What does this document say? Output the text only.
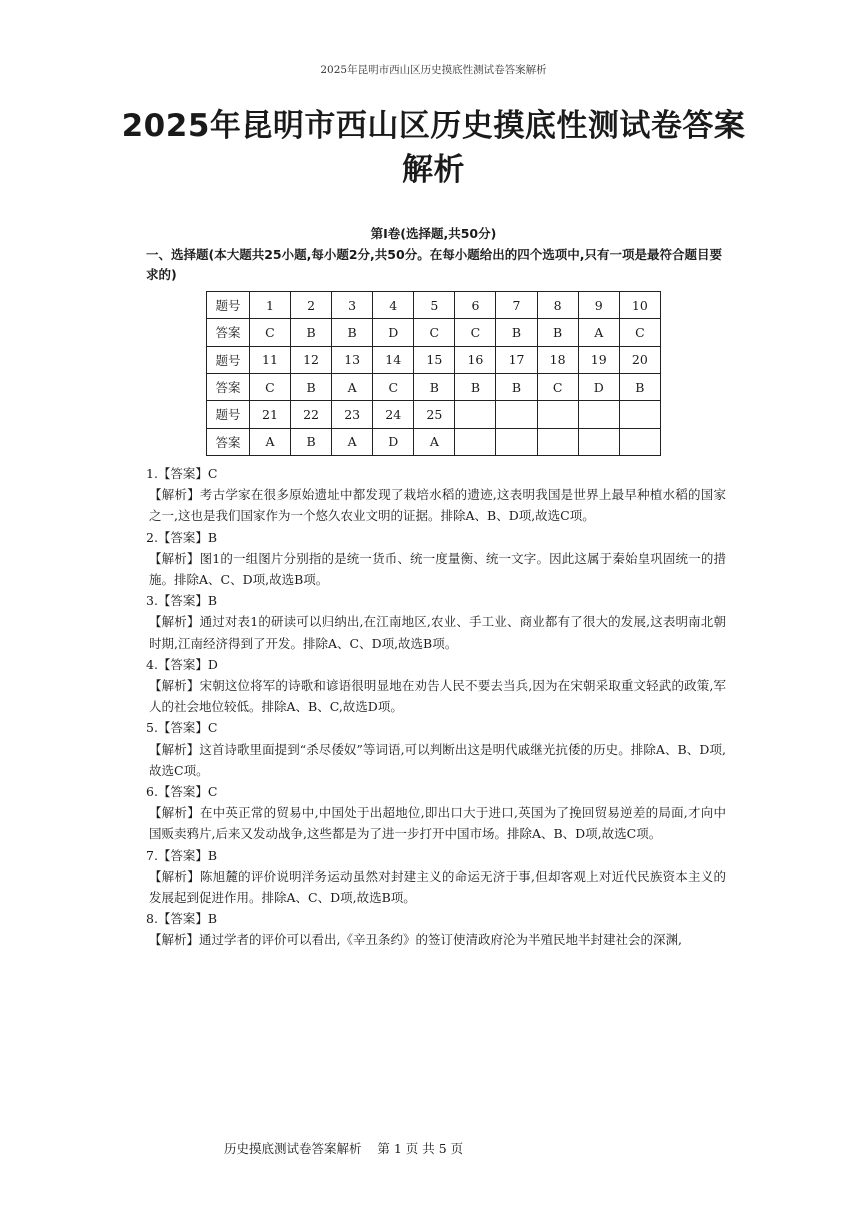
2025年昆明市西山区历史摸底性测试卷答案解析
2025年昆明市西山区历史摸底性测试卷答案解析
第Ⅰ卷(选择题,共50分)
一、选择题(本大题共25小题,每小题2分,共50分。在每小题给出的四个选项中,只有一项是最符合题目要求的)
题号	1	2	3	4	5	6	7	8	9	10
答案	C	B	B	D	C	C	B	B	A	C
题号	11	12	13	14	15	16	17	18	19	20
答案	C	B	A	C	B	B	B	C	D	B
题号	21	22	23	24	25					
答案	A	B	A	D	A					
1.【答案】C
【解析】考古学家在很多原始遗址中都发现了栽培水稻的遗迹,这表明我国是世界上最早种植水稻的国家之一,这也是我们国家作为一个悠久农业文明的证据。排除A、B、D项,故选C项。
2.【答案】B
【解析】图1的一组图片分别指的是统一货币、统一度量衡、统一文字。因此这属于秦始皇巩固统一的措施。排除A、C、D项,故选B项。
3.【答案】B
【解析】通过对表1的研读可以归纳出,在江南地区,农业、手工业、商业都有了很大的发展,这表明南北朝时期,江南经济得到了开发。排除A、C、D项,故选B项。
4.【答案】D
【解析】宋朝这位将军的诗歌和谚语很明显地在劝告人民不要去当兵,因为在宋朝采取重文轻武的政策,军人的社会地位较低。排除A、B、C,故选D项。
5.【答案】C
【解析】这首诗歌里面提到“杀尽倭奴”等词语,可以判断出这是明代戚继光抗倭的历史。排除A、B、D项,故选C项。
6.【答案】C
【解析】在中英正常的贸易中,中国处于出超地位,即出口大于进口,英国为了挽回贸易逆差的局面,才向中国贩卖鸦片,后来又发动战争,这些都是为了进一步打开中国市场。排除A、B、D项,故选C项。
7.【答案】B
【解析】陈旭麓的评价说明洋务运动虽然对封建主义的命运无济于事,但却客观上对近代民族资本主义的发展起到促进作用。排除A、C、D项,故选B项。
8.【答案】B
【解析】通过学者的评价可以看出,《辛丑条约》的签订使清政府沦为半殖民地半封建社会的深渊,
历史摸底测试卷答案解析    第 1 页 共 5 页
